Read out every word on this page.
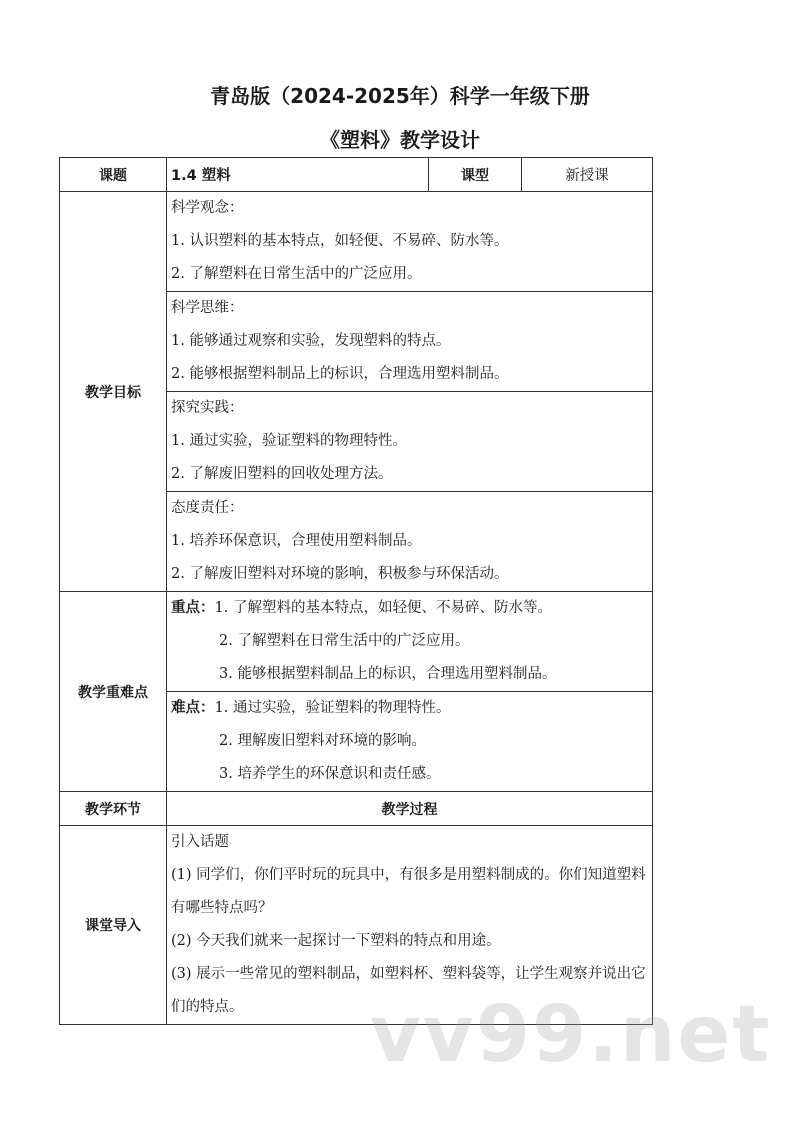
青岛版（2024-2025年）科学一年级下册
《塑料》教学设计
课题	1.4 塑料	课型	新授课
教学目标	科学观念：
1. 认识塑料的基本特点，如轻便、不易碎、防水等。
2. 了解塑料在日常生活中的广泛应用。		

	科学思维：
1. 能够通过观察和实验，发现塑料的特点。
2. 能够根据塑料制品上的标识，合理选用塑料制品。		

	探究实践：
1. 通过实验，验证塑料的物理特性。
2. 了解废旧塑料的回收处理方法。		

	态度责任：
1. 培养环保意识，合理使用塑料制品。
2. 了解废旧塑料对环境的影响，积极参与环保活动。		

教学重难点	重点：1. 了解塑料的基本特点，如轻便、不易碎、防水等。
2. 了解塑料在日常生活中的广泛应用。
3. 能够根据塑料制品上的标识，合理选用塑料制品。		

	难点：1. 通过实验，验证塑料的物理特性。
2. 理解废旧塑料对环境的影响。
3. 培养学生的环保意识和责任感。		

教学环节	教学过程		
课堂导入	引入话题
(1) 同学们，你们平时玩的玩具中，有很多是用塑料制成的。你们知道塑料有哪些特点吗？
(2) 今天我们就来一起探讨一下塑料的特点和用途。
(3) 展示一些常见的塑料制品，如塑料杯、塑料袋等，让学生观察并说出它们的特点。			vv99.net
